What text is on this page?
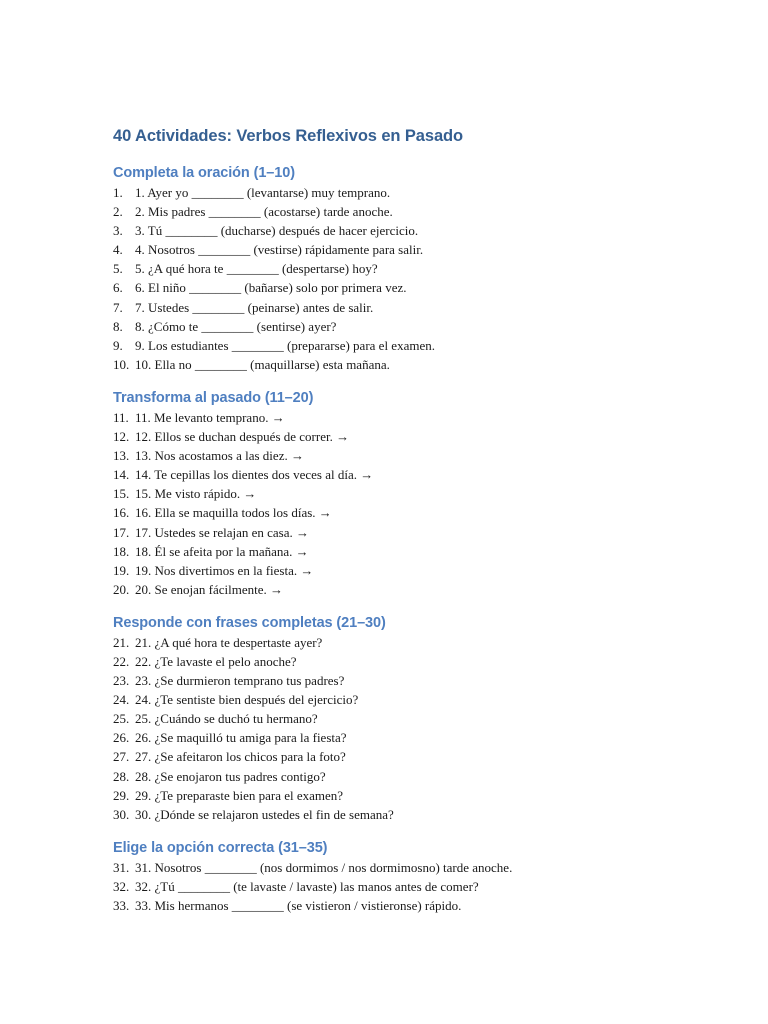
40 Actividades: Verbos Reflexivos en Pasado
Completa la oración (1–10)
1. 1. Ayer yo ________ (levantarse) muy temprano.
2. 2. Mis padres ________ (acostarse) tarde anoche.
3. 3. Tú ________ (ducharse) después de hacer ejercicio.
4. 4. Nosotros ________ (vestirse) rápidamente para salir.
5. 5. ¿A qué hora te ________ (despertarse) hoy?
6. 6. El niño ________ (bañarse) solo por primera vez.
7. 7. Ustedes ________ (peinarse) antes de salir.
8. 8. ¿Cómo te ________ (sentirse) ayer?
9. 9. Los estudiantes ________ (prepararse) para el examen.
10. 10. Ella no ________ (maquillarse) esta mañana.
Transforma al pasado (11–20)
11. 11. Me levanto temprano. →
12. 12. Ellos se duchan después de correr. →
13. 13. Nos acostamos a las diez. →
14. 14. Te cepillas los dientes dos veces al día. →
15. 15. Me visto rápido. →
16. 16. Ella se maquilla todos los días. →
17. 17. Ustedes se relajan en casa. →
18. 18. Él se afeita por la mañana. →
19. 19. Nos divertimos en la fiesta. →
20. 20. Se enojan fácilmente. →
Responde con frases completas (21–30)
21. 21. ¿A qué hora te despertaste ayer?
22. 22. ¿Te lavaste el pelo anoche?
23. 23. ¿Se durmieron temprano tus padres?
24. 24. ¿Te sentiste bien después del ejercicio?
25. 25. ¿Cuándo se duchó tu hermano?
26. 26. ¿Se maquilló tu amiga para la fiesta?
27. 27. ¿Se afeitaron los chicos para la foto?
28. 28. ¿Se enojaron tus padres contigo?
29. 29. ¿Te preparaste bien para el examen?
30. 30. ¿Dónde se relajaron ustedes el fin de semana?
Elige la opción correcta (31–35)
31. 31. Nosotros ________ (nos dormimos / nos dormimosno) tarde anoche.
32. 32. ¿Tú ________ (te lavaste / lavaste) las manos antes de comer?
33. 33. Mis hermanos ________ (se vistieron / vistieronse) rápido.
